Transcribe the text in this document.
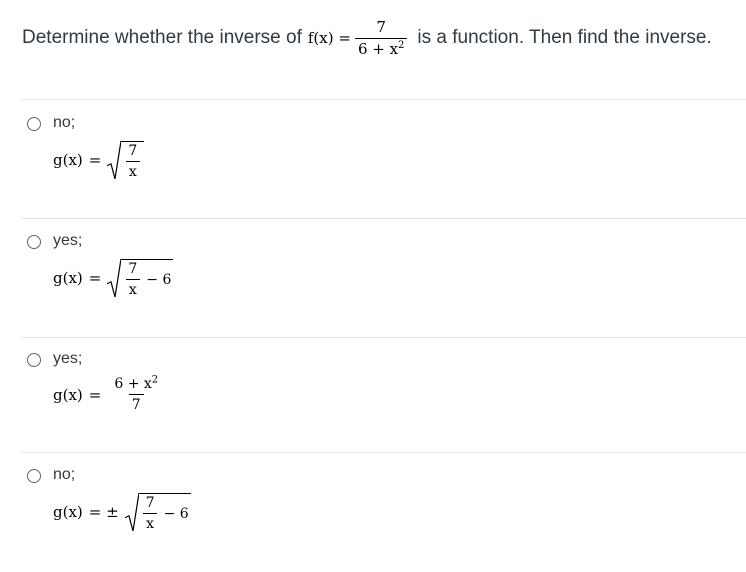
Determine whether the inverse of $f(x) = \frac{7}{6 + x^2}$ is a function. Then find the inverse.
no;
$g(x) = \frac{7}{x}$
yes;
$g(x) = \frac{7}{x} - 6$
yes;
$g(x) = \frac{6 + x^2}{7}$
no;
g(x) = ± $\frac{7}{x} - 6$
